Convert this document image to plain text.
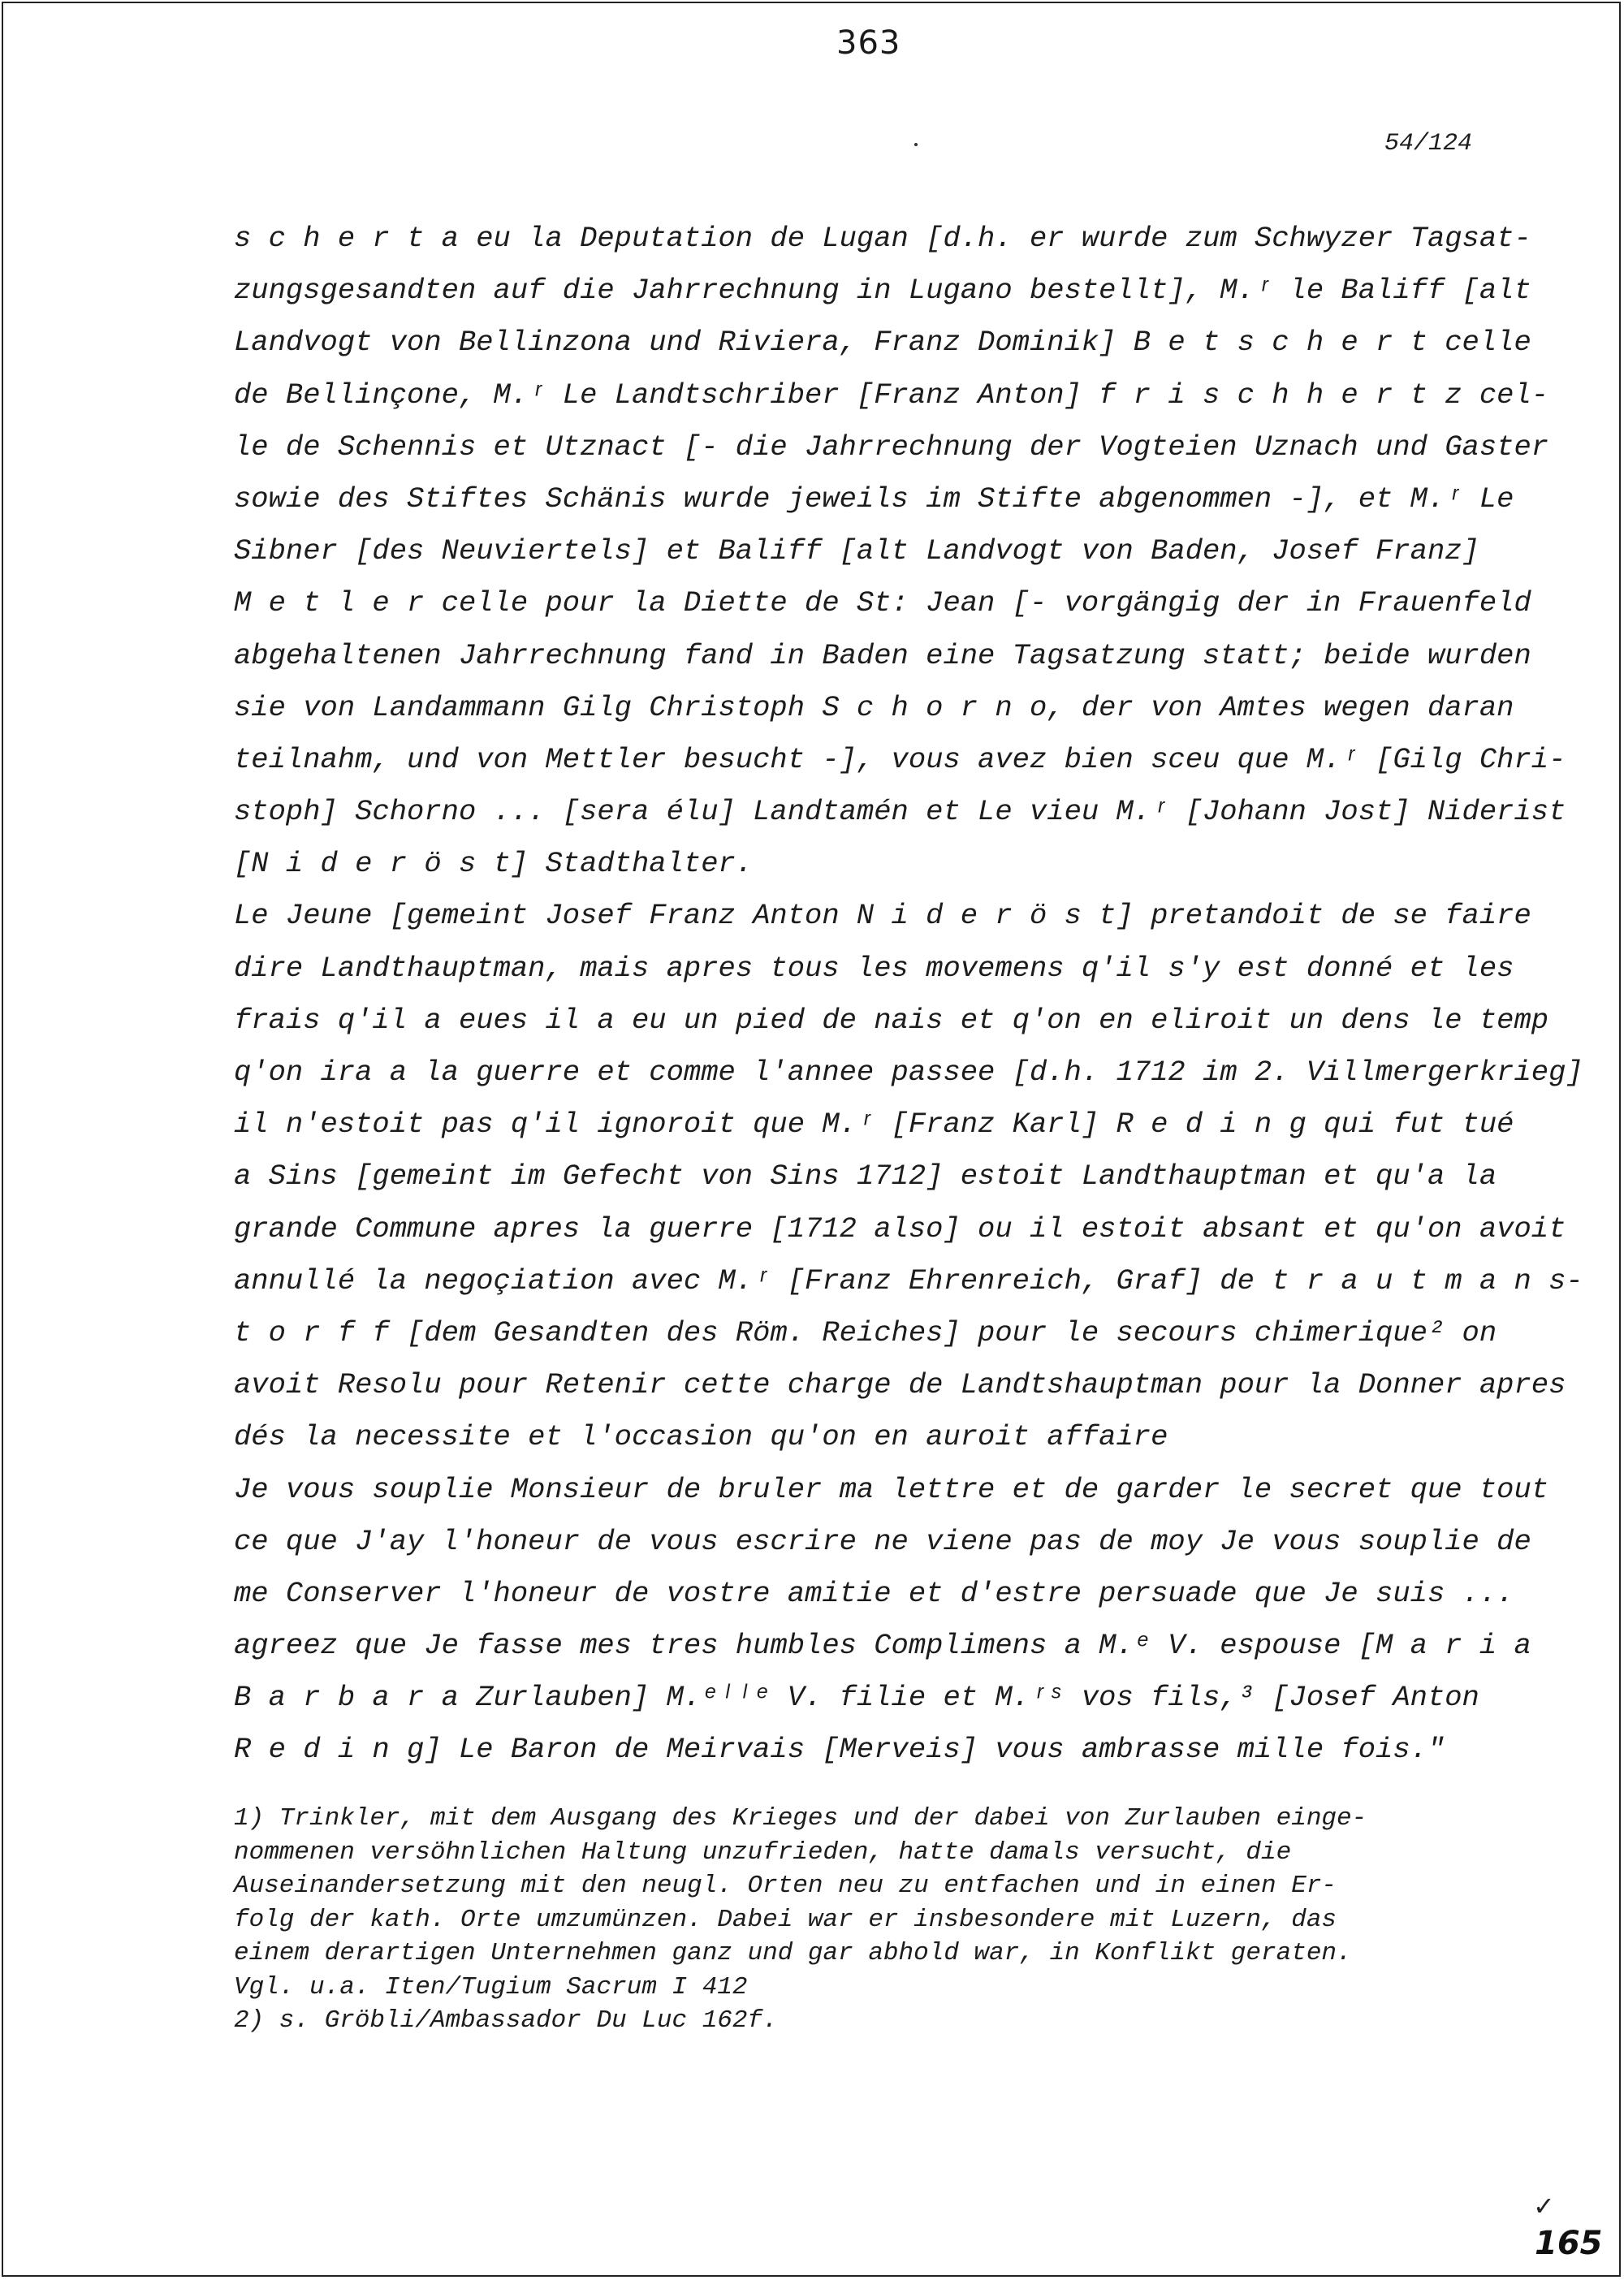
363
54/124
s c h e r t a eu la Deputation de Lugan [d.h. er wurde zum Schwyzer Tagsat-
zungsgesandten auf die Jahrrechnung in Lugano bestellt], M.ʳ le Baliff [alt
Landvogt von Bellinzona und Riviera, Franz Dominik] B e t s c h e r t celle
de Bellinçone, M.ʳ Le Landtschriber [Franz Anton] f r i s c h h e r t z cel-
le de Schennis et Utznact [- die Jahrrechnung der Vogteien Uznach und Gaster
sowie des Stiftes Schänis wurde jeweils im Stifte abgenommen -], et M.ʳ Le
Sibner [des Neuviertels] et Baliff [alt Landvogt von Baden, Josef Franz]
M e t l e r celle pour la Diette de St: Jean [- vorgängig der in Frauenfeld
abgehaltenen Jahrrechnung fand in Baden eine Tagsatzung statt; beide wurden
sie von Landammann Gilg Christoph S c h o r n o, der von Amtes wegen daran
teilnahm, und von Mettler besucht -], vous avez bien sceu que M.ʳ [Gilg Chri-
stoph] Schorno ... [sera élu] Landtamén et Le vieu M.ʳ [Johann Jost] Niderist
[N i d e r ö s t] Stadthalter.
Le Jeune [gemeint Josef Franz Anton N i d e r ö s t] pretandoit de se faire
dire Landthauptman, mais apres tous les movemens q'il s'y est donné et les
frais q'il a eues il a eu un pied de nais et q'on en eliroit un dens le temp
q'on ira a la guerre et comme l'annee passee [d.h. 1712 im 2. Villmergerkrieg]
il n'estoit pas q'il ignoroit que M.ʳ [Franz Karl] R e d i n g qui fut tué
a Sins [gemeint im Gefecht von Sins 1712] estoit Landthauptman et qu'a la
grande Commune apres la guerre [1712 also] ou il estoit absant et qu'on avoit
annullé la negoçiation avec M.ʳ [Franz Ehrenreich, Graf] de t r a u t m a n s-
t o r f f [dem Gesandten des Röm. Reiches] pour le secours chimerique² on
avoit Resolu pour Retenir cette charge de Landtshauptman pour la Donner apres
dés la necessite et l'occasion qu'on en auroit affaire
Je vous souplie Monsieur de bruler ma lettre et de garder le secret que tout
ce que J'ay l'honeur de vous escrire ne viene pas de moy Je vous souplie de
me Conserver l'honeur de vostre amitie et d'estre persuade que Je suis ...
agreez que Je fasse mes tres humbles Complimens a M.ᵉ V. espouse [M a r i a
B a r b a r a Zurlauben] M.ᵉˡˡᵉ V. filie et M.ʳˢ vos fils,³ [Josef Anton
R e d i n g] Le Baron de Meirvais [Merveis] vous ambrasse mille fois."
1) Trinkler, mit dem Ausgang des Krieges und der dabei von Zurlauben einge-
nommenen versöhnlichen Haltung unzufrieden, hatte damals versucht, die
Auseinandersetzung mit den neugl. Orten neu zu entfachen und in einen Er-
folg der kath. Orte umzumünzen. Dabei war er insbesondere mit Luzern, das
einem derartigen Unternehmen ganz und gar abhold war, in Konflikt geraten.
Vgl. u.a. Iten/Tugium Sacrum I 412
2) s. Gröbli/Ambassador Du Luc 162f.
✓
165
